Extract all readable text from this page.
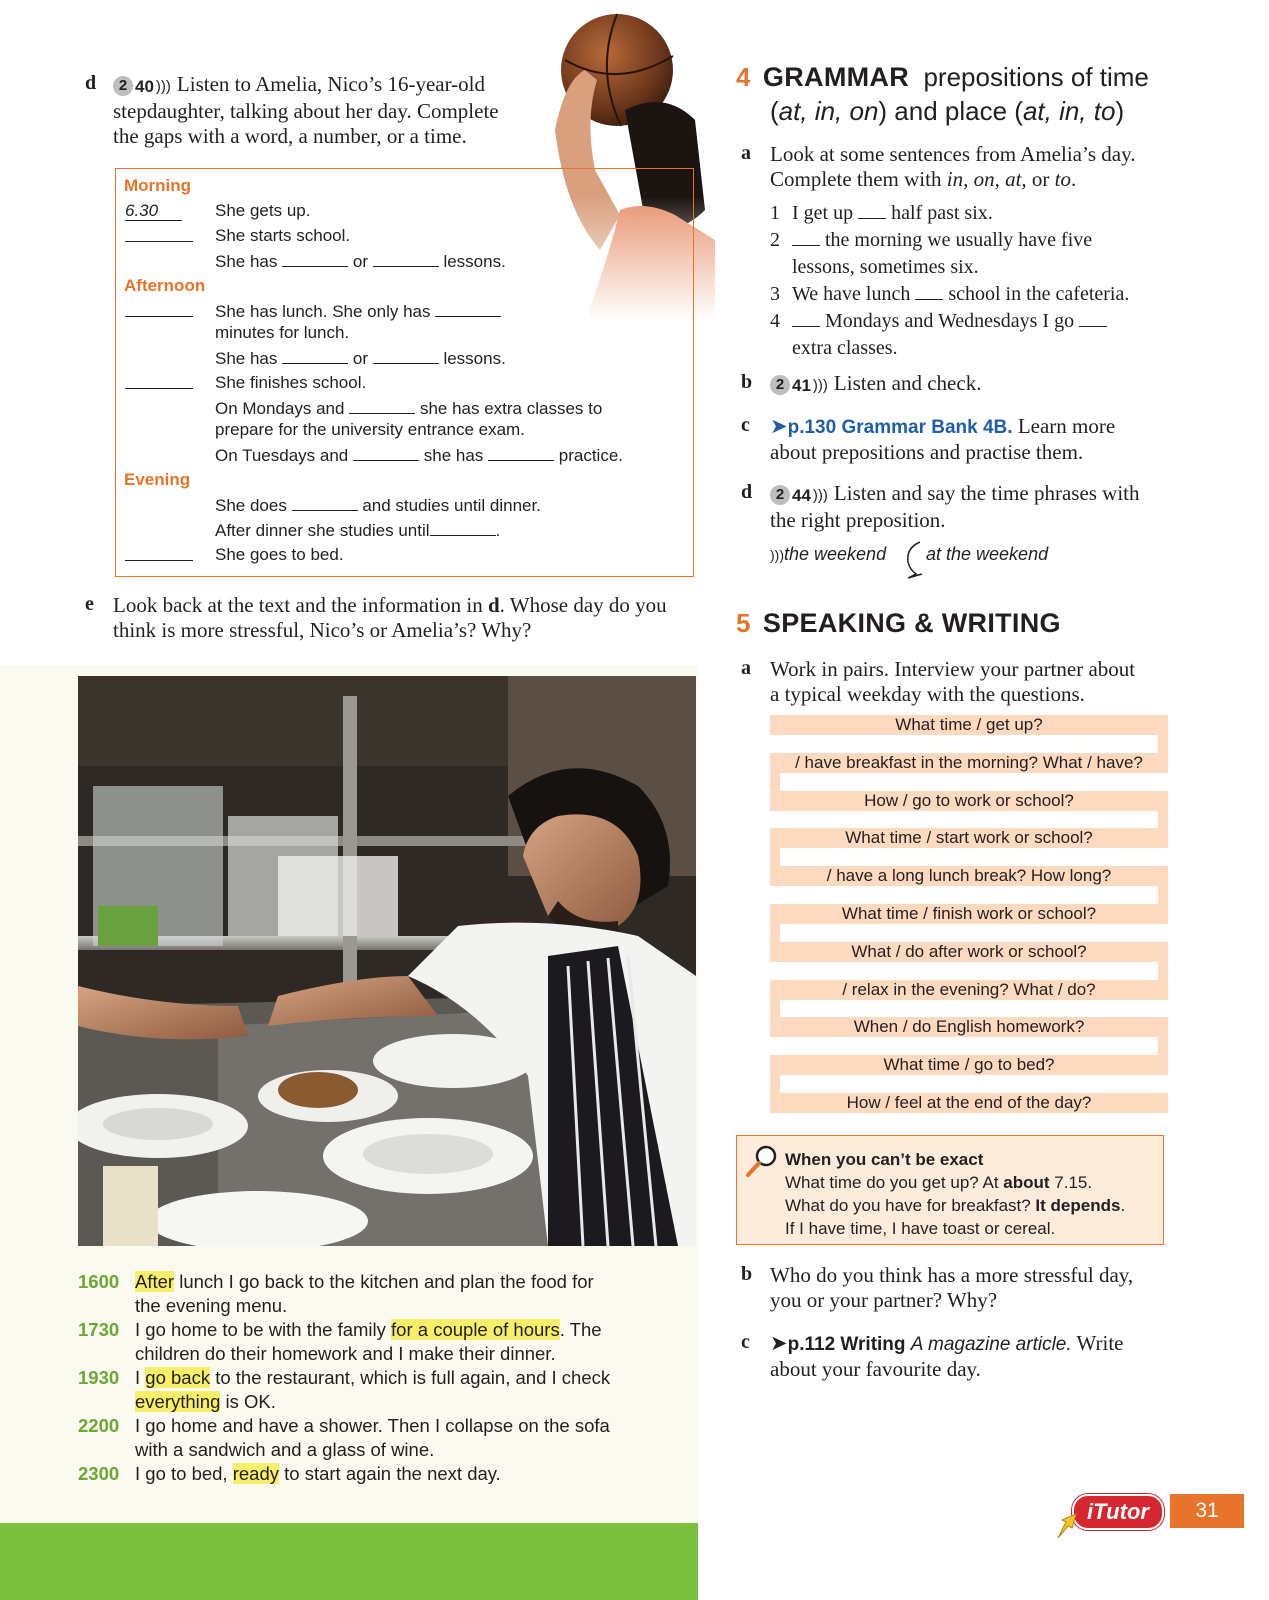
d	2 40 ))) Listen to Amelia, Nico’s 16-year-old
stepdaughter, talking about her day. Complete
the gaps with a word, a number, or a time.
Morning
6.30	She gets up.
She starts school.
She has	or	lessons.
Afternoon
She has lunch. She only has
minutes for lunch.
She has	or	lessons.
She finishes school.
On Mondays and	she has extra classes to
prepare for the university entrance exam.
On Tuesdays and	she has	practice.
Evening
She does	and studies until dinner.
After dinner she studies until	.
She goes to bed.
e Look back at the text and the information in d. Whose day do you
think is more stressful, Nico’s or Amelia’s? Why?
1600 After lunch I go back to the kitchen and plan the food for
the evening menu.
1730 I go home to be with the family for a couple of hours. The
children do their homework and I make their dinner.
1930 I go back to the restaurant, which is full again, and I check
everything is OK.
2200 I go home and have a shower. Then I collapse on the sofa
with a sandwich and a glass of wine.
2300 I go to bed, ready to start again the next day.
4 GRAMMAR prepositions of time
(at, in, on) and place (at, in, to)
a Look at some sentences from Amelia’s day.
Complete them with in, on, at, or to.
1 I get up half past six.
2 the morning we usually have five
lessons, sometimes six.
3 We have lunch school in the cafeteria.
4 Mondays and Wednesdays I go
extra classes.
b	2 41 ))) Listen and check.
c ➤p.130 Grammar Bank 4B. Learn more
about prepositions and practise them.
d	2 44 ))) Listen and say the time phrases with
the right preposition.
)))the weekend at the weekend
5 SPEAKING & WRITING
a Work in pairs. Interview your partner about
a typical weekday with the questions.
What time / get up?
/ have breakfast in the morning? What / have?
How / go to work or school?
What time / start work or school?
/ have a long lunch break? How long?
What time / finish work or school?
What / do after work or school?
/ relax in the evening? What / do?
When / do English homework?
What time / go to bed?
How / feel at the end of the day?
When you can’t be exact
What time do you get up? At about 7.15.
What do you have for breakfast? It depends.
If I have time, I have toast or cereal.
b Who do you think has a more stressful day,
you or your partner? Why?
c ➤p.112 Writing A magazine article. Write
about your favourite day.
iTutor	31
